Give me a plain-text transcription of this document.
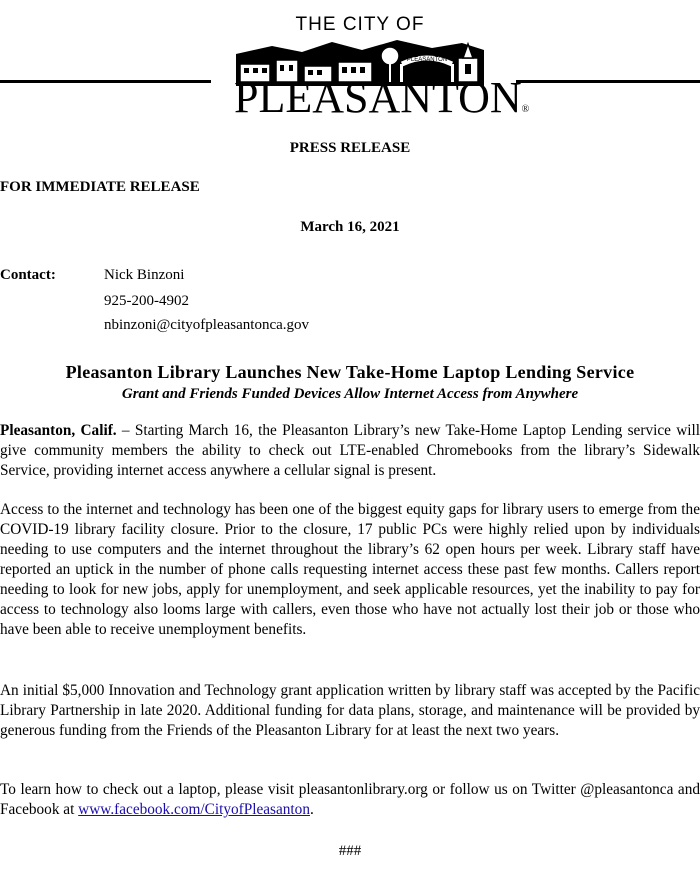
THE CITY OF
PLEASANTON
PLEASANTON®
PRESS RELEASE
FOR IMMEDIATE RELEASE
March 16, 2021
Contact:	Nick Binzoni
925-200-4902
nbinzoni@cityofpleasantonca.gov
Pleasanton Library Launches New Take-Home Laptop Lending Service
Grant and Friends Funded Devices Allow Internet Access from Anywhere
Pleasanton, Calif. – Starting March 16, the Pleasanton Library’s new Take-Home Laptop Lending service will give community members the ability to check out LTE-enabled Chromebooks from the library’s Sidewalk Service, providing internet access anywhere a cellular signal is present.
Access to the internet and technology has been one of the biggest equity gaps for library users to emerge from the COVID-19 library facility closure. Prior to the closure, 17 public PCs were highly relied upon by individuals needing to use computers and the internet throughout the library’s 62 open hours per week. Library staff have reported an uptick in the number of phone calls requesting internet access these past few months. Callers report needing to look for new jobs, apply for unemployment, and seek applicable resources, yet the inability to pay for access to technology also looms large with callers, even those who have not actually lost their job or those who have been able to receive unemployment benefits.
An initial $5,000 Innovation and Technology grant application written by library staff was accepted by the Pacific Library Partnership in late 2020. Additional funding for data plans, storage, and maintenance will be provided by generous funding from the Friends of the Pleasanton Library for at least the next two years.
To learn how to check out a laptop, please visit pleasantonlibrary.org or follow us on Twitter @pleasantonca and Facebook at www.facebook.com/CityofPleasanton.
###
